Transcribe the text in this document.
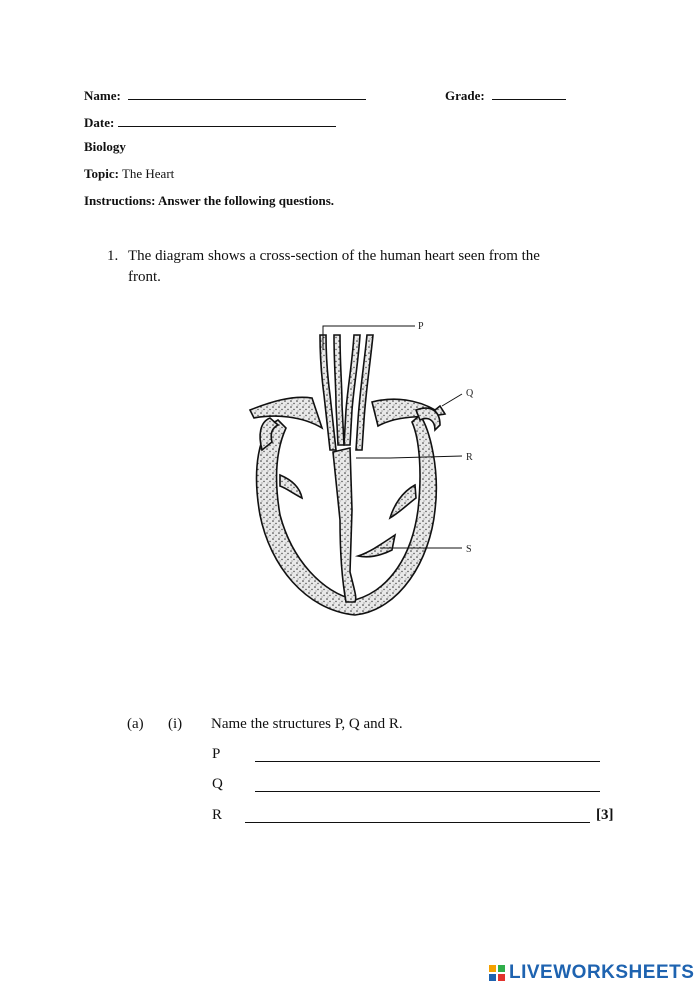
Name:	Grade:
Date:
Biology
Topic: The Heart
Instructions: Answer the following questions.
1. The diagram shows a cross-section of the human heart seen from the
front.
P
Q
R
S
(a) (i) Name the structures P, Q and R.
P
Q
R	[3]
LIVEWORKSHEETS
